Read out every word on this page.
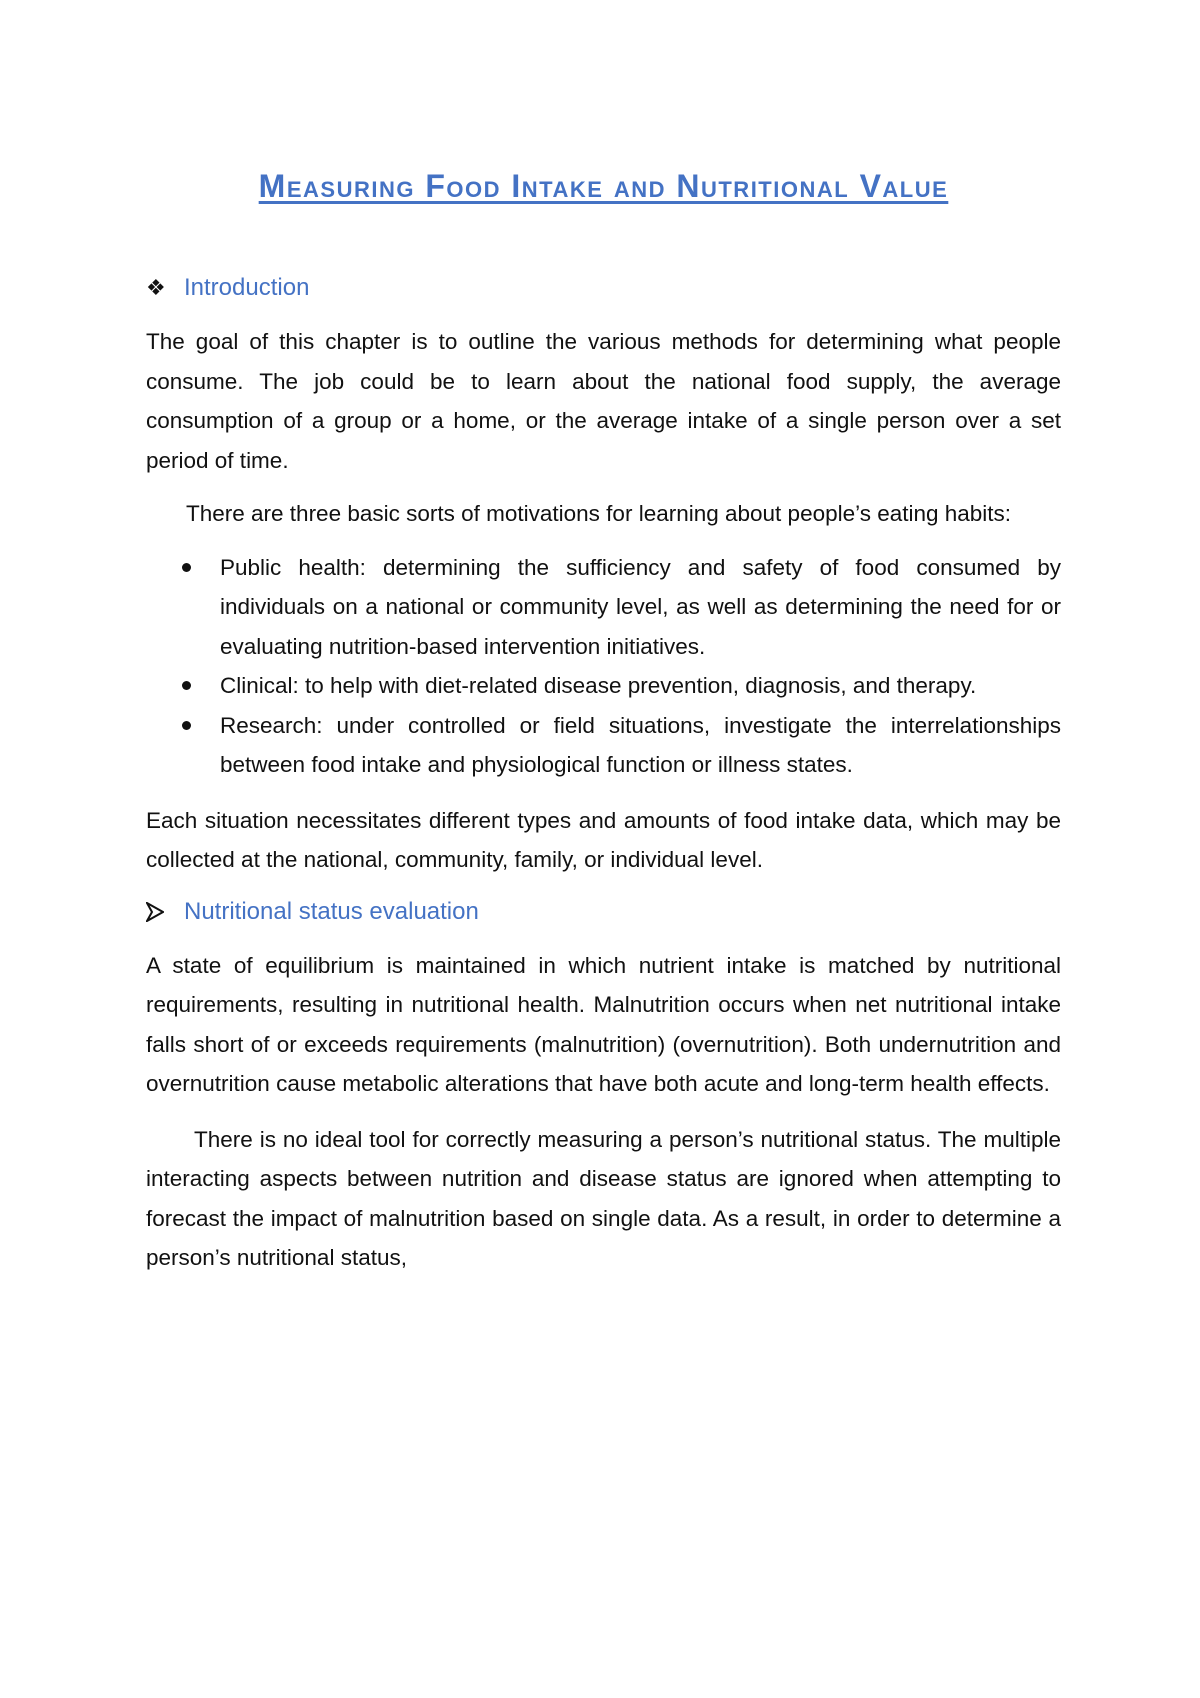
Measuring Food Intake and Nutritional Value
❖ Introduction

The goal of this chapter is to outline the various methods for determining what people consume. The job could be to learn about the national food supply, the average consumption of a group or a home, or the average intake of a single person over a set period of time.

There are three basic sorts of motivations for learning about people’s eating habits:

Public health: determining the sufficiency and safety of food consumed by individuals on a national or community level, as well as determining the need for or evaluating nutrition-based intervention initiatives.
Clinical: to help with diet-related disease prevention, diagnosis, and therapy.
Research: under controlled or field situations, investigate the interrelationships between food intake and physiological function or illness states.

Each situation necessitates different types and amounts of food intake data, which may be collected at the national, community, family, or individual level.

Nutritional status evaluation

A state of equilibrium is maintained in which nutrient intake is matched by nutritional requirements, resulting in nutritional health. Malnutrition occurs when net nutritional intake falls short of or exceeds requirements (malnutrition) (overnutrition). Both undernutrition and overnutrition cause metabolic alterations that have both acute and long-term health effects.

There is no ideal tool for correctly measuring a person’s nutritional status. The multiple interacting aspects between nutrition and disease status are ignored when attempting to forecast the impact of malnutrition based on single data. As a result, in order to determine a person’s nutritional status,
